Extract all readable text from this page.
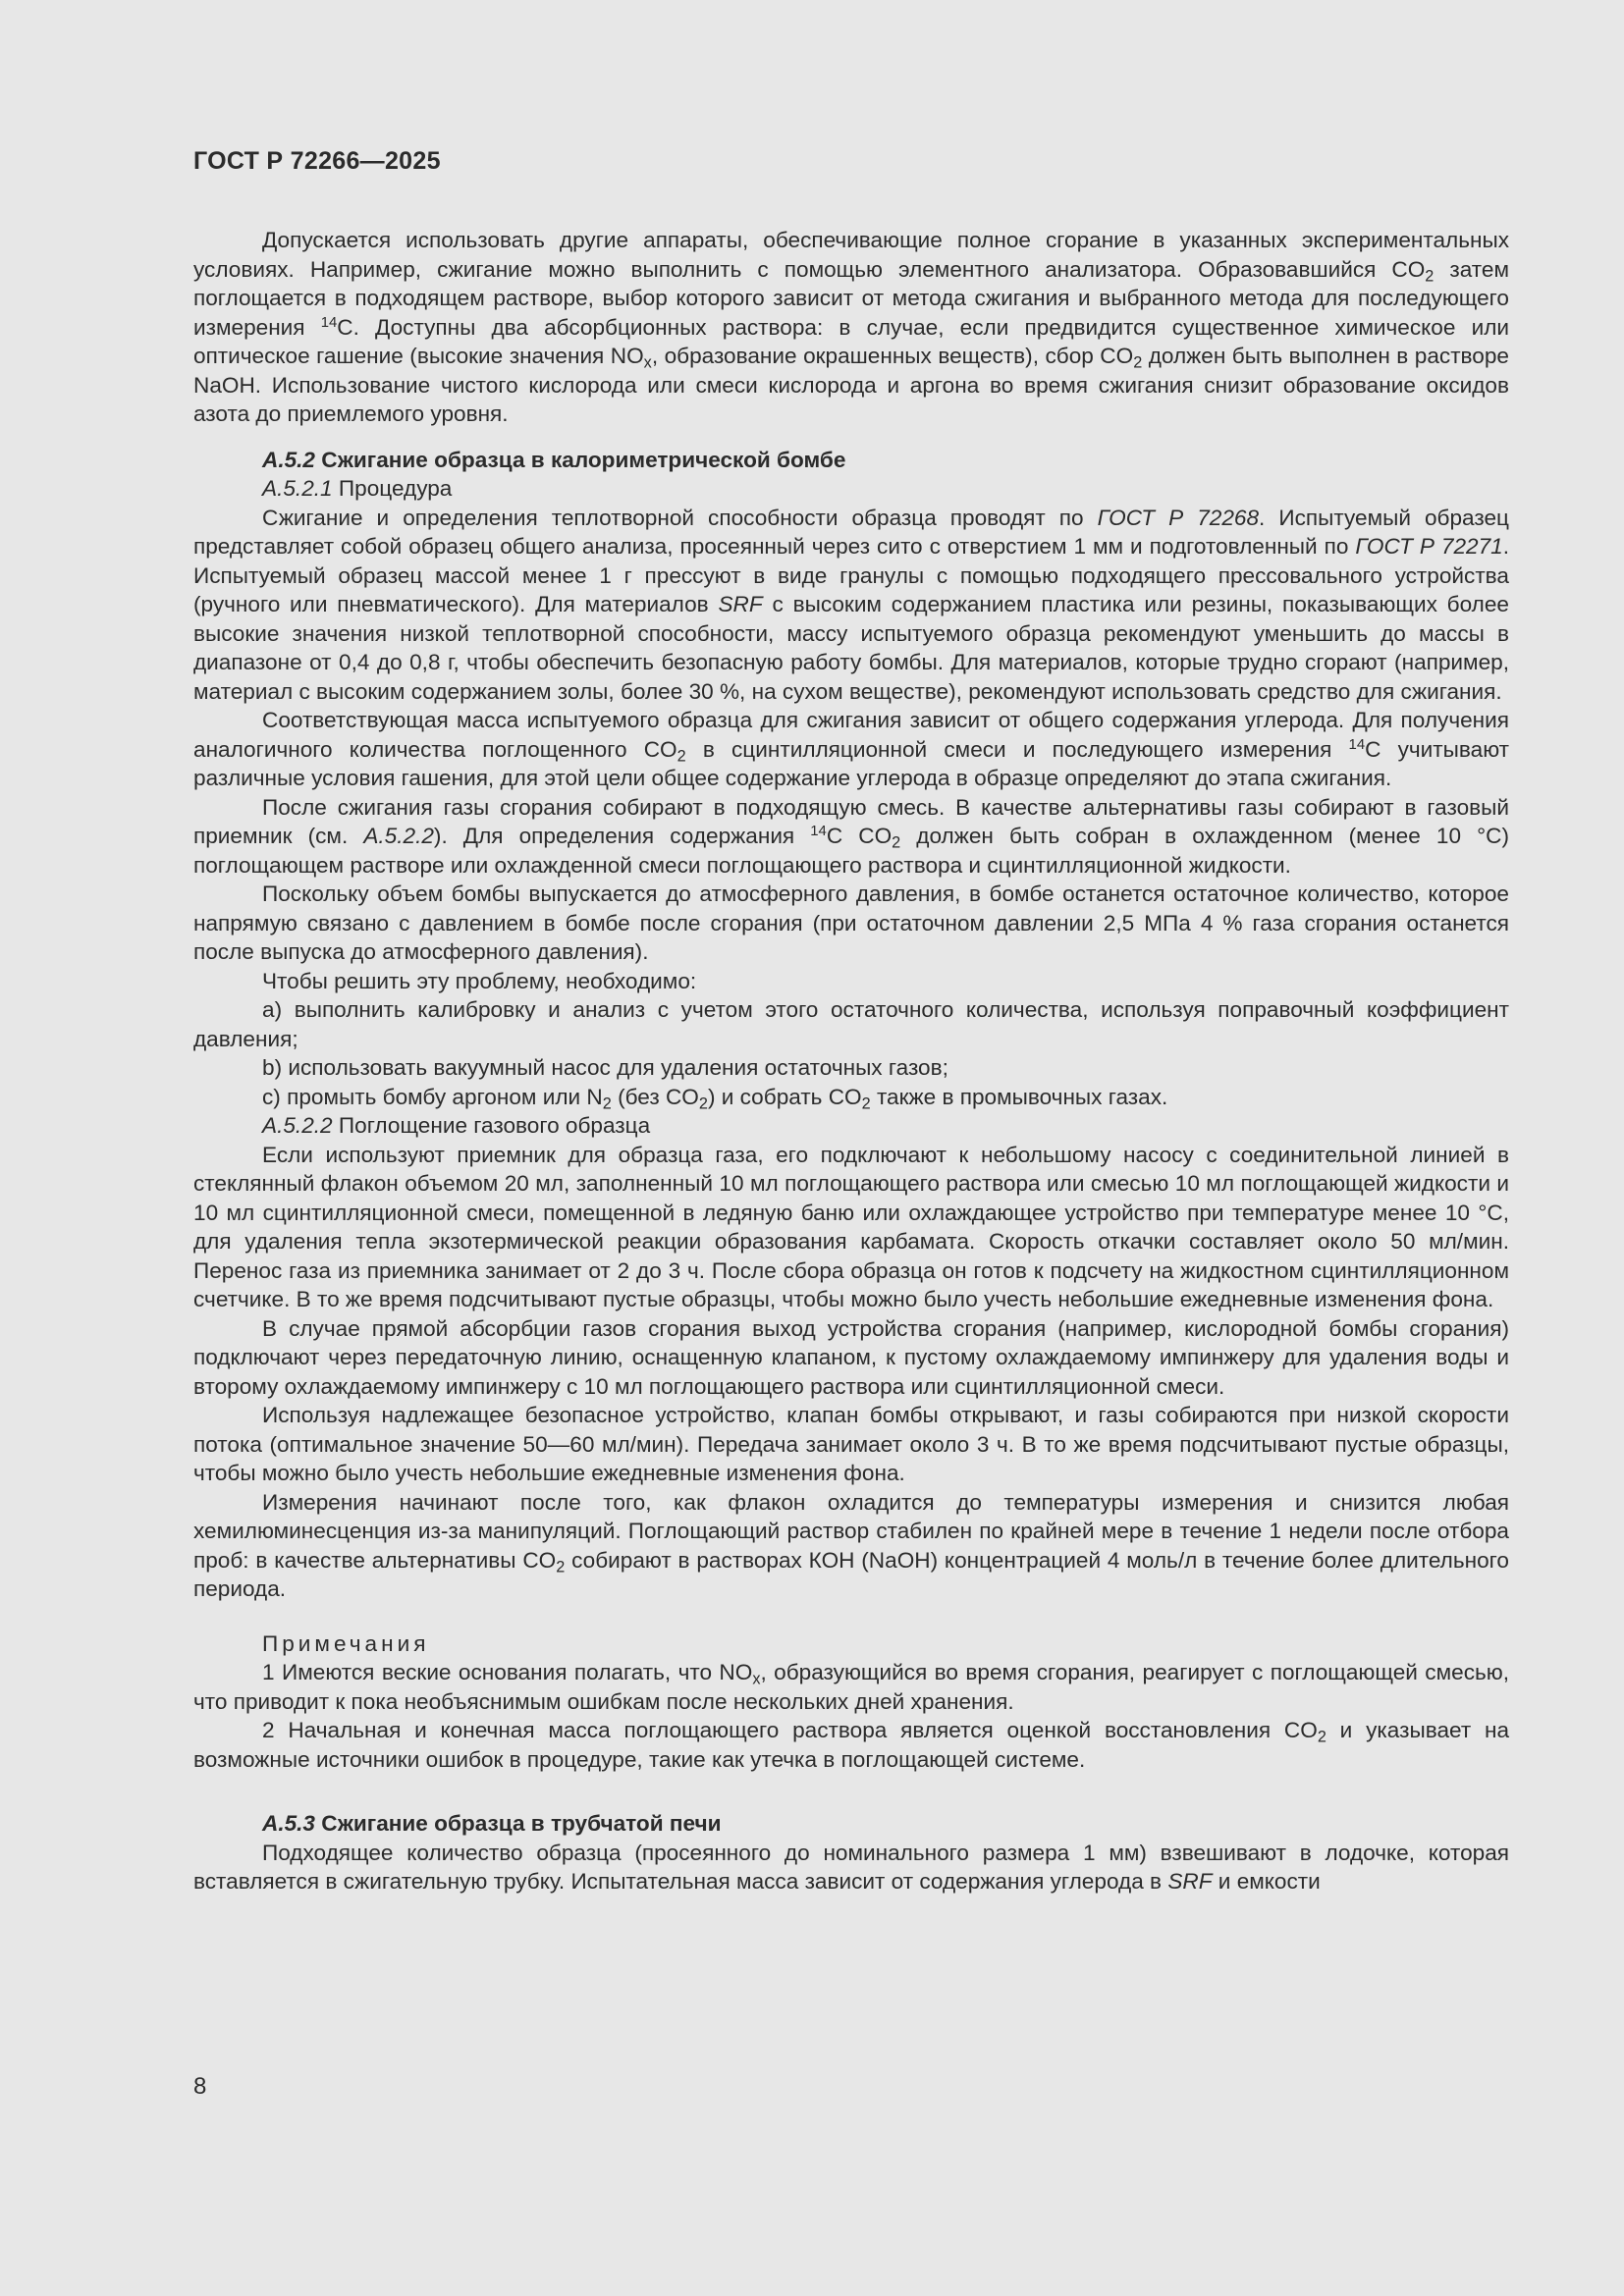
ГОСТ Р 72266—2025

Допускается использовать другие аппараты, обеспечивающие полное сгорание в указанных экспериментальных условиях. Например, сжигание можно выполнить с помощью элементного анализатора. Образовавшийся $CO_2$ затем поглощается в подходящем растворе, выбор которого зависит от метода сжигания и выбранного метода для последующего измерения $^{14}$C. Доступны два абсорбционных раствора: в случае, если предвидится существенное химическое или оптическое гашение (высокие значения $NO_x$, образование окрашенных веществ), сбор $CO_2$ должен быть выполнен в растворе NaOH. Использование чистого кислорода или смеси кислорода и аргона во время сжигания снизит образование оксидов азота до приемлемого уровня.

А.5.2 Сжигание образца в калориметрической бомбе

А.5.2.1 Процедура

Сжигание и определения теплотворной способности образца проводят по ГОСТ Р 72268. Испытуемый образец представляет собой образец общего анализа, просеянный через сито с отверстием 1 мм и подготовленный по ГОСТ Р 72271. Испытуемый образец массой менее 1 г прессуют в виде гранулы с помощью подходящего пресcовального устройства (ручного или пневматического). Для материалов SRF с высоким содержанием пластика или резины, показывающих более высокие значения низкой теплотворной способности, массу испытуемого образца рекомендуют уменьшить до массы в диапазоне от 0,4 до 0,8 г, чтобы обеспечить безопасную работу бомбы. Для материалов, которые трудно сгорают (например, материал с высоким содержанием золы, более 30 %, на сухом веществе), рекомендуют использовать средство для сжигания.

Соответствующая масса испытуемого образца для сжигания зависит от общего содержания углерода. Для получения аналогичного количества поглощенного $CO_2$ в сцинтилляционной смеси и последующего измерения $^{14}$C учитывают различные условия гашения, для этой цели общее содержание углерода в образце определяют до этапа сжигания.

После сжигания газы сгорания собирают в подходящую смесь. В качестве альтернативы газы собирают в газовый приемник (см. А.5.2.2). Для определения содержания $^{14}$C $CO_2$ должен быть собран в охлажденном (менее 10 °С) поглощающем растворе или охлажденной смеси поглощающего раствора и сцинтилляционной жидкости.

Поскольку объем бомбы выпускается до атмосферного давления, в бомбе останется остаточное количество, которое напрямую связано с давлением в бомбе после сгорания (при остаточном давлении 2,5 МПа 4 % газа сгорания останется после выпуска до атмосферного давления).

Чтобы решить эту проблему, необходимо:

a) выполнить калибровку и анализ с учетом этого остаточного количества, используя поправочный коэффициент давления;

b) использовать вакуумный насос для удаления остаточных газов;

c) промыть бомбу аргоном или $N_2$ (без $CO_2$) и собрать $CO_2$ также в промывочных газах.

А.5.2.2 Поглощение газового образца

Если используют приемник для образца газа, его подключают к небольшому насосу с соединительной линией в стеклянный флакон объемом 20 мл, заполненный 10 мл поглощающего раствора или смесью 10 мл поглощающей жидкости и 10 мл сцинтилляционной смеси, помещенной в ледяную баню или охлаждающее устройство при температуре менее 10 °С, для удаления тепла экзотермической реакции образования карбамата. Скорость откачки составляет около 50 мл/мин. Перенос газа из приемника занимает от 2 до 3 ч. После сбора образца он готов к подсчету на жидкостном сцинтилляционном счетчике. В то же время подсчитывают пустые образцы, чтобы можно было учесть небольшие ежедневные изменения фона.

В случае прямой абсорбции газов сгорания выход устройства сгорания (например, кислородной бомбы сгорания) подключают через передаточную линию, оснащенную клапаном, к пустому охлаждаемому импинжеру для удаления воды и второму охлаждаемому импинжеру с 10 мл поглощающего раствора или сцинтилляционной смеси.

Используя надлежащее безопасное устройство, клапан бомбы открывают, и газы собираются при низкой скорости потока (оптимальное значение 50—60 мл/мин). Передача занимает около 3 ч. В то же время подсчитывают пустые образцы, чтобы можно было учесть небольшие ежедневные изменения фона.

Измерения начинают после того, как флакон охладится до температуры измерения и снизится любая хемилюминесценция из-за манипуляций. Поглощающий раствор стабилен по крайней мере в течение 1 недели после отбора проб: в качестве альтернативы $CO_2$ собирают в растворах КОН (NaOH) концентрацией 4 моль/л в течение более длительного периода.

Примечания

1 Имеются веские основания полагать, что $NO_x$, образующийся во время сгорания, реагирует с поглощающей смесью, что приводит к пока необъяснимым ошибкам после нескольких дней хранения.

2 Начальная и конечная масса поглощающего раствора является оценкой восстановления $CO_2$ и указывает на возможные источники ошибок в процедуре, такие как утечка в поглощающей системе.

А.5.3 Сжигание образца в трубчатой печи

Подходящее количество образца (просеянного до номинального размера 1 мм) взвешивают в лодочке, которая вставляется в сжигательную трубку. Испытательная масса зависит от содержания углерода в SRF и емкости

8
